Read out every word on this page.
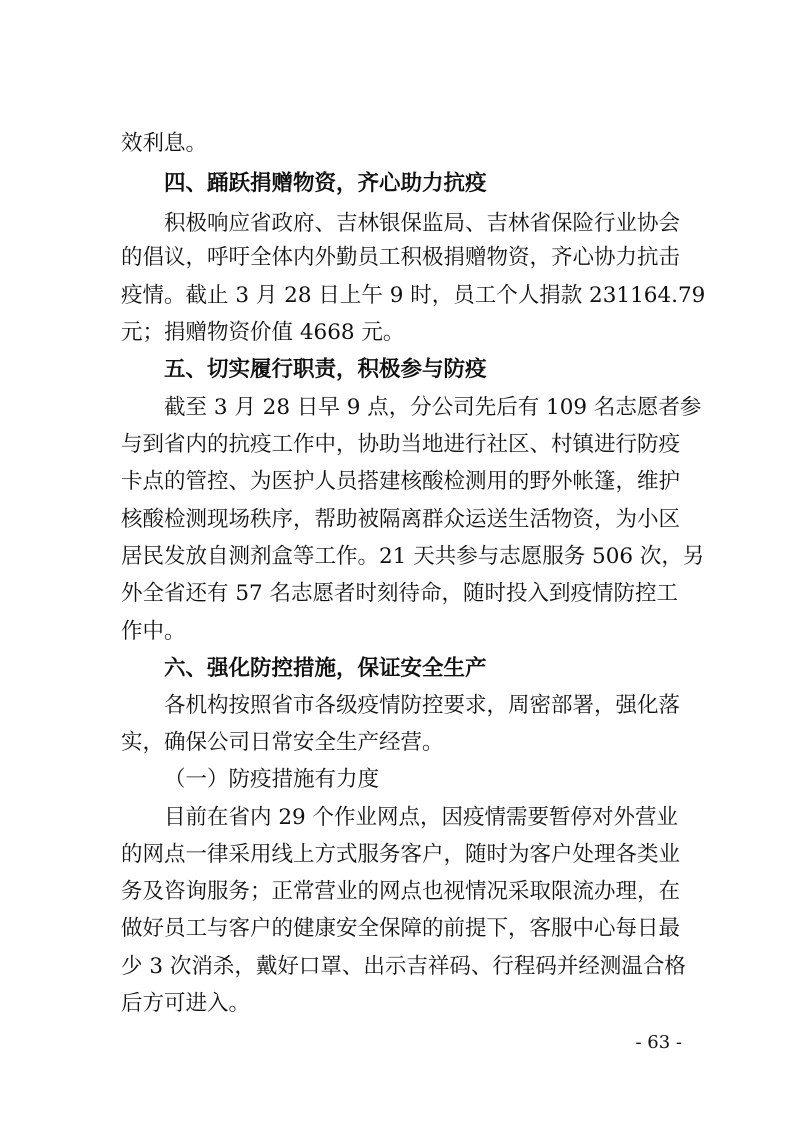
效利息。
四、踊跃捐赠物资，齐心助力抗疫
积极响应省政府、吉林银保监局、吉林省保险行业协会
的倡议，呼吁全体内外勤员工积极捐赠物资，齐心协力抗击
疫情。截止 3 月 28 日上午 9 时，员工个人捐款 231164.79
元；捐赠物资价值 4668 元。
五、切实履行职责，积极参与防疫
截至 3 月 28 日早 9 点，分公司先后有 109 名志愿者参
与到省内的抗疫工作中，协助当地进行社区、村镇进行防疫
卡点的管控、为医护人员搭建核酸检测用的野外帐篷，维护
核酸检测现场秩序，帮助被隔离群众运送生活物资，为小区
居民发放自测剂盒等工作。21 天共参与志愿服务 506 次，另
外全省还有 57 名志愿者时刻待命，随时投入到疫情防控工
作中。
六、强化防控措施，保证安全生产
各机构按照省市各级疫情防控要求，周密部署，强化落
实，确保公司日常安全生产经营。
（一）防疫措施有力度
目前在省内 29 个作业网点，因疫情需要暂停对外营业
的网点一律采用线上方式服务客户，随时为客户处理各类业
务及咨询服务；正常营业的网点也视情况采取限流办理，在
做好员工与客户的健康安全保障的前提下，客服中心每日最
少 3 次消杀，戴好口罩、出示吉祥码、行程码并经测温合格
后方可进入。
- 63 -
